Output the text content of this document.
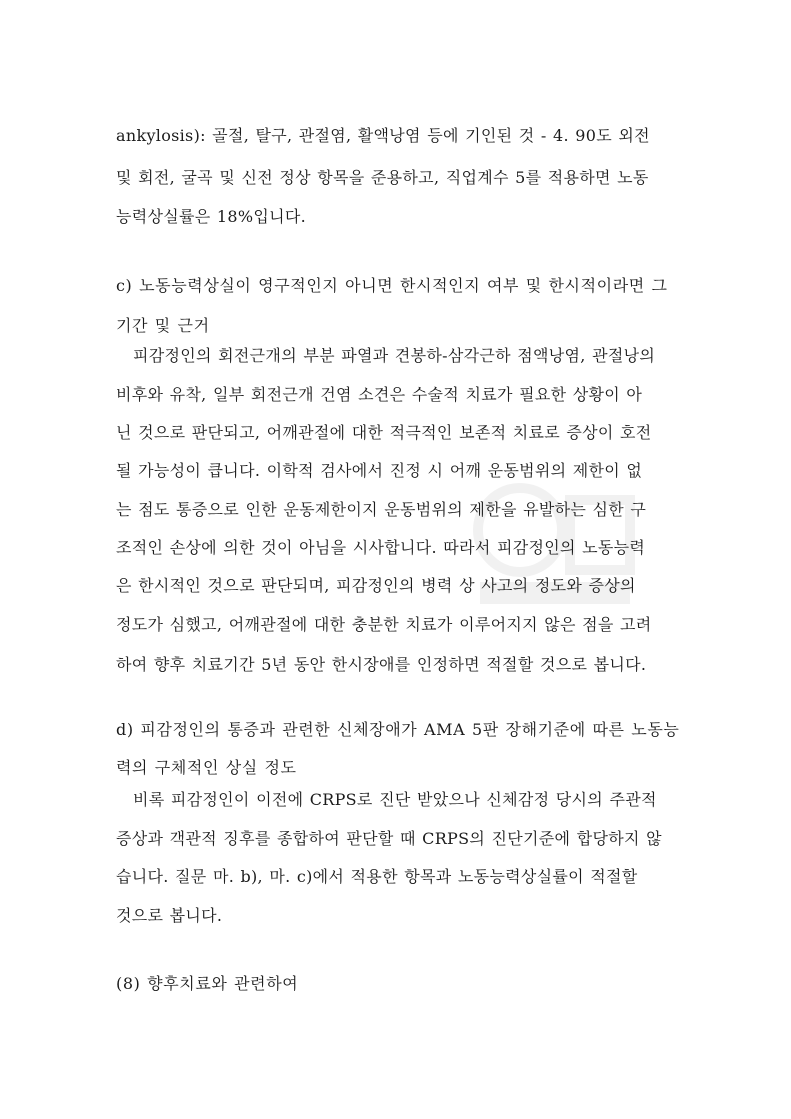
ankylosis): 골절, 탈구, 관절염, 활액낭염 등에 기인된 것 - 4. 90도 외전
및 회전, 굴곡 및 신전 정상 항목을 준용하고, 직업계수 5를 적용하면 노동
능력상실률은 18%입니다.
c) 노동능력상실이 영구적인지 아니면 한시적인지 여부 및 한시적이라면 그
기간 및 근거
피감정인의 회전근개의 부분 파열과 견봉하-삼각근하 점액낭염, 관절낭의
비후와 유착, 일부 회전근개 건염 소견은 수술적 치료가 필요한 상황이 아
닌 것으로 판단되고, 어깨관절에 대한 적극적인 보존적 치료로 증상이 호전
될 가능성이 큽니다. 이학적 검사에서 진정 시 어깨 운동범위의 제한이 없
는 점도 통증으로 인한 운동제한이지 운동범위의 제한을 유발하는 심한 구
조적인 손상에 의한 것이 아님을 시사합니다. 따라서 피감정인의 노동능력
은 한시적인 것으로 판단되며, 피감정인의 병력 상 사고의 정도와 증상의
정도가 심했고, 어깨관절에 대한 충분한 치료가 이루어지지 않은 점을 고려
하여 향후 치료기간 5년 동안 한시장애를 인정하면 적절할 것으로 봅니다.
d) 피감정인의 통증과 관련한 신체장애가 AMA 5판 장해기준에 따른 노동능
력의 구체적인 상실 정도
비록 피감정인이 이전에 CRPS로 진단 받았으나 신체감정 당시의 주관적
증상과 객관적 징후를 종합하여 판단할 때 CRPS의 진단기준에 합당하지 않
습니다. 질문 마. b), 마. c)에서 적용한 항목과 노동능력상실률이 적절할
것으로 봅니다.
(8) 향후치료와 관련하여
